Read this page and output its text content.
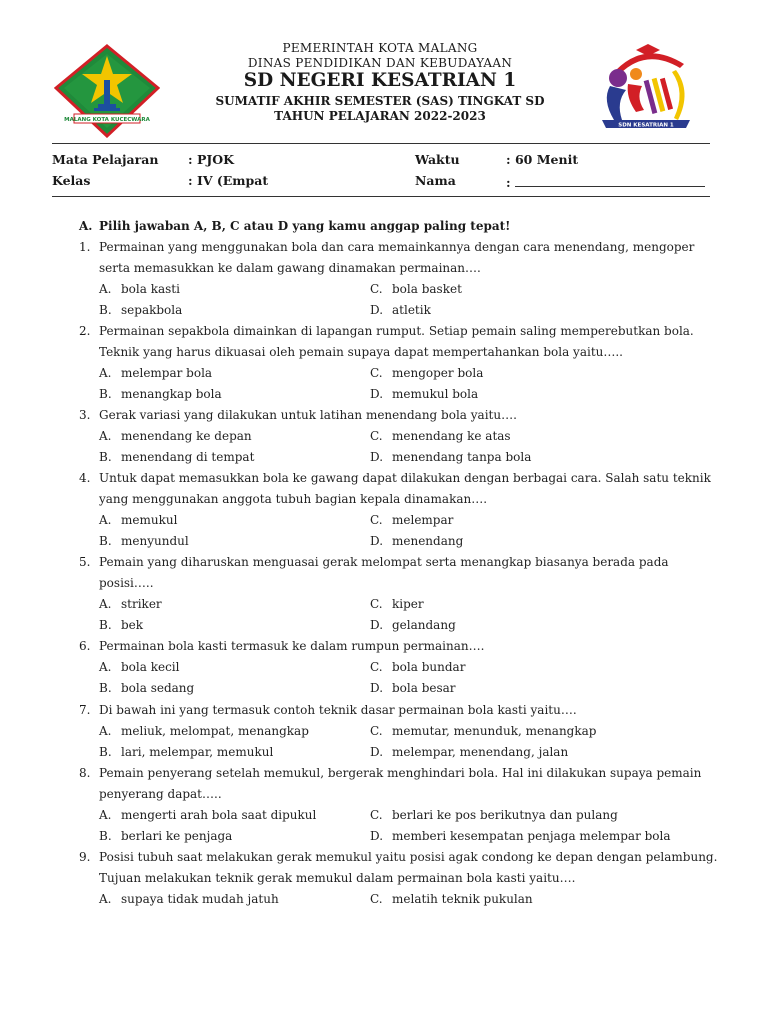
MALANG KOTA KUCECWARA
PEMERINTAH KOTA MALANG
DINAS PENDIDIKAN DAN KEBUDAYAAN
SD NEGERI KESATRIAN 1
SUMATIF AKHIR SEMESTER (SAS) TINGKAT SD
TAHUN PELAJARAN 2022-2023
SDN KESATRIAN 1
Mata Pelajaran : PJOK	Waktu	: 60 Menit
Kelas	: IV (Empat	Nama	:
A. Pilih jawaban A, B, C atau D yang kamu anggap paling tepat!
1. Permainan yang menggunakan bola dan cara memainkannya dengan cara menendang, mengoper
serta memasukkan ke dalam gawang dinamakan permainan….
A. bola kasti
B. sepakbola
C. bola basket
D. atletik
2. Permainan sepakbola dimainkan di lapangan rumput. Setiap pemain saling memperebutkan bola.
Teknik yang harus dikuasai oleh pemain supaya dapat mempertahankan bola yaitu…..
A. melempar bola
B. menangkap bola
C. mengoper bola
D. memukul bola
3. Gerak variasi yang dilakukan untuk latihan menendang bola yaitu….
A. menendang ke depan
B. menendang di tempat
C. menendang ke atas
D. menendang tanpa bola
4. Untuk dapat memasukkan bola ke gawang dapat dilakukan dengan berbagai cara. Salah satu teknik
yang menggunakan anggota tubuh bagian kepala dinamakan….
A. memukul
B. menyundul
C. melempar
D. menendang
5. Pemain yang diharuskan menguasai gerak melompat serta menangkap biasanya berada pada
posisi…..
A. striker
B. bek
C. kiper
D. gelandang
6. Permainan bola kasti termasuk ke dalam rumpun permainan….
A. bola kecil
B. bola sedang
C. bola bundar
D. bola besar
7. Di bawah ini yang termasuk contoh teknik dasar permainan bola kasti yaitu….
A. meliuk, melompat, menangkap
B. lari, melempar, memukul
C. memutar, menunduk, menangkap
D. melempar, menendang, jalan
8. Pemain penyerang setelah memukul, bergerak menghindari bola. Hal ini dilakukan supaya pemain
penyerang dapat…..
A. mengerti arah bola saat dipukul
B. berlari ke penjaga
C. berlari ke pos berikutnya dan pulang
D. memberi kesempatan penjaga melempar bola
9. Posisi tubuh saat melakukan gerak memukul yaitu posisi agak condong ke depan dengan pelambung.
Tujuan melakukan teknik gerak memukul dalam permainan bola kasti yaitu….
A. supaya tidak mudah jatuh	C. melatih teknik pukulan
